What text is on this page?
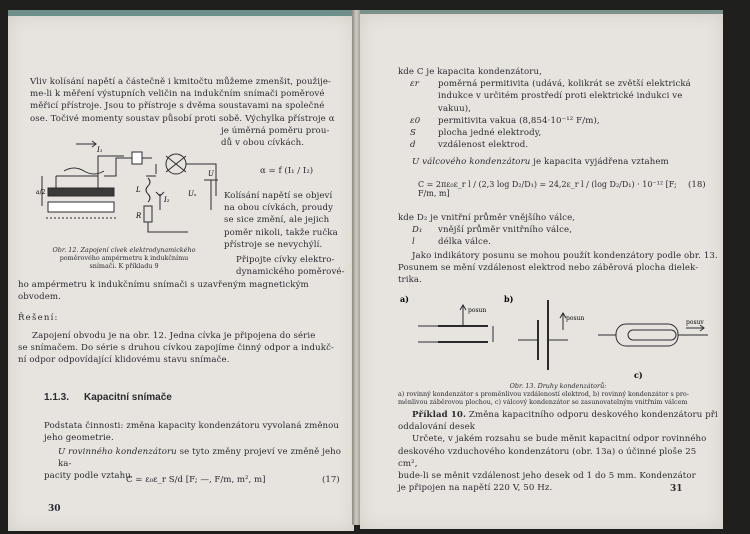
Vliv kolísání napětí a částečně i kmitočtu můžeme zmenšit, použije-
me-li k měření výstupních veličin na indukčním snímači poměrové
měřicí přístroje. Jsou to přístroje s dvěma soustavami na společné
ose. Točivé momenty soustav působí proti sobě. Výchylka přístroje α
je úměrná poměru prou-
dů v obou cívkách.
α = f (I₁ / I₂)
I₁
a/2	L
R
I₂
U
Uₓ	Kolísání napětí se objeví
na obou cívkách, proudy
se sice změní, ale jejich
poměr nikoli, takže ručka
přístroje se nevychýlí.
Obr. 12. Zapojení cívek elektrodynamického
poměrového ampérmetru k indukčnímu
snímači. K příkladu 9
Připojte cívky elektro-
dynamického poměrové-
ho ampérmetru k indukčnímu snímači s uzavřeným magnetickým
obvodem.
Řešení:
Zapojení obvodu je na obr. 12. Jedna cívka je připojena do série
se snímačem. Do série s druhou cívkou zapojíme činný odpor a indukč-
ní odpor odpovídající klidovému stavu snímače.
1.1.3. Kapacitní snímače
Podstata činnosti: změna kapacity kondenzátoru vyvolaná změnou
jeho geometrie.
U rovinného kondenzátoru se tyto změny projeví ve změně jeho ka-
pacity podle vztahu
C = ε₀ε_r S/d [F; —, F/m, m², m]	(17)
30
kde C je kapacita kondenzátoru,
εr poměrná permitivita (udává, kolikrát se zvětší elektrická
indukce v určitém prostředí proti elektrické indukci ve
vakuu),
ε0 permitivita vakua (8,854·10⁻¹² F/m),
S	plocha jedné elektrody,
d	vzdálenost elektrod.
U válcového kondenzátoru je kapacita vyjádřena vztahem
C = 2πε₀ε_r l / (2,3 log D₂/D₁) = 24,2ε_r l / (log D₂/D₁) · 10⁻¹² [F; F/m, m]
(18)
kde D₂ je vnitřní průměr vnějšího válce,
D₁ vnější průměr vnitřního válce,
l	délka válce.
Jako indikátory posunu se mohou použít kondenzátory podle obr. 13.
Posunem se mění vzdálenost elektrod nebo záběrová plocha dielek-
trika.
a)	b)
c)
posun
posun
posuv
Obr. 13. Druhy kondenzátorů:
a) rovinný kondenzátor s proměnlivou vzdáleností elektrod, b) rovinný kondenzátor s pro-
měnlivou záběrovou plochou, c) válcový kondenzátor se zasunovatelným vnitřním válcem
Příklad 10. Změna kapacitního odporu deskového kondenzátoru při
oddalování desek
Určete, v jakém rozsahu se bude měnit kapacitní odpor rovinného
deskového vzduchového kondenzátoru (obr. 13a) o účinné ploše 25 cm²,
bude-li se měnit vzdálenost jeho desek od 1 do 5 mm. Kondenzátor
je připojen na napětí 220 V, 50 Hz.	31
